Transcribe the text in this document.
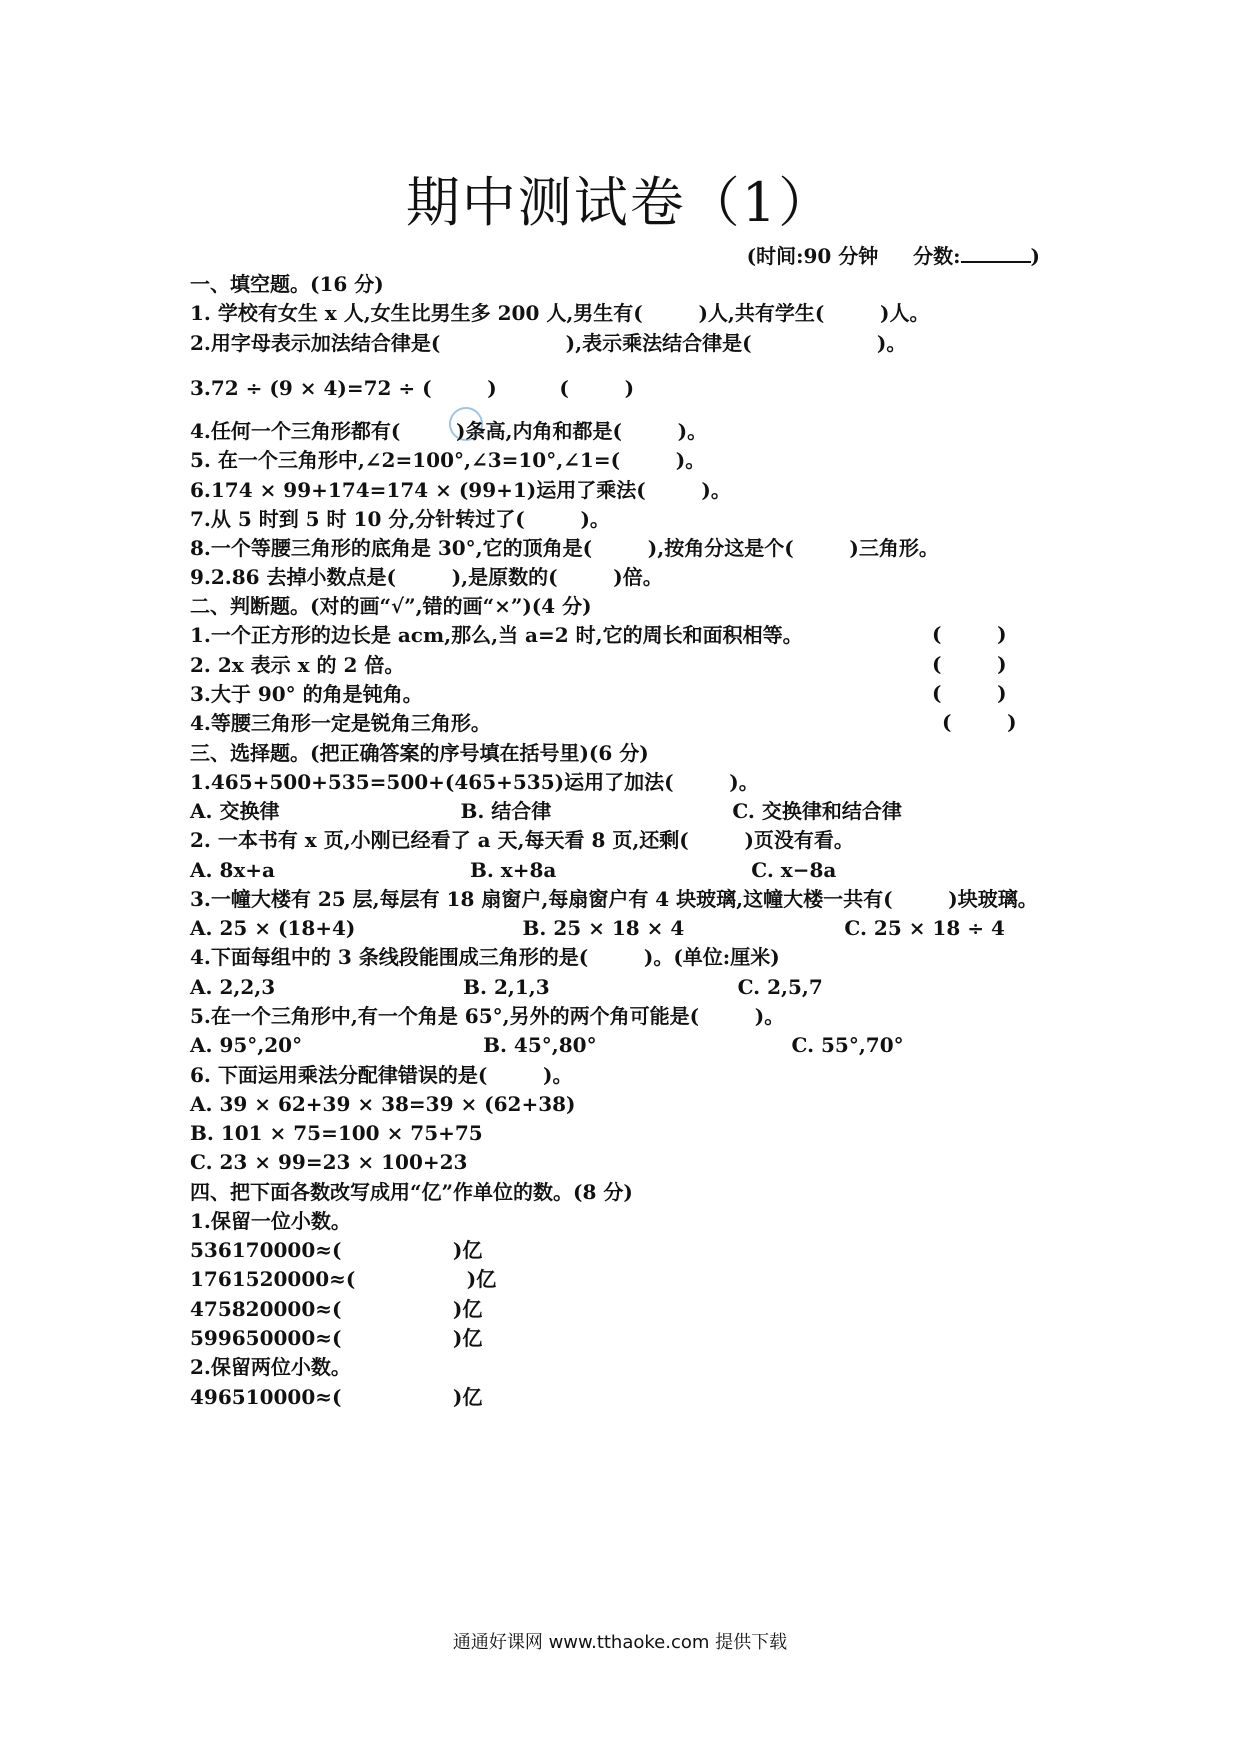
期中测试卷（1）
(时间:90 分钟 分数:	)
一、填空题。(16 分)
1. 学校有女生 x 人,女生比男生多 200 人,男生有(        )人,共有学生(        )人。
2.用字母表示加法结合律是(                  ),表示乘法结合律是(                  )。
3.72 ÷ (9 × 4)=72 ÷ (        )         (        )
4.任何一个三角形都有(        )条高,内角和都是(        )。
5. 在一个三角形中,∠2=100°,∠3=10°,∠1=(        )。
6.174 × 99+174=174 × (99+1)运用了乘法(        )。
7.从 5 时到 5 时 10 分,分针转过了(        )。
8.一个等腰三角形的底角是 30°,它的顶角是(        ),按角分这是个(        )三角形。
9.2.86 去掉小数点是(        ),是原数的(        )倍。
二、判断题。(对的画“√”,错的画“×”)(4 分)
1.一个正方形的边长是 acm,那么,当 a=2 时,它的周长和面积相等。
2. 2x 表示 x 的 2 倍。
3.大于 90° 的角是钝角。
4.等腰三角形一定是锐角三角形。
(        )
(        )
(        )
(        )
三、选择题。(把正确答案的序号填在括号里)(6 分)
1.465+500+535=500+(465+535)运用了加法(        )。
A. 交换律                          B. 结合律                          C. 交换律和结合律
2. 一本书有 x 页,小刚已经看了 a 天,每天看 8 页,还剩(        )页没有看。
A. 8x+a                            B. x+8a                            C. x−8a
3.一幢大楼有 25 层,每层有 18 扇窗户,每扇窗户有 4 块玻璃,这幢大楼一共有(        )块玻璃。
A. 25 × (18+4)                        B. 25 × 18 × 4                       C. 25 × 18 ÷ 4
4.下面每组中的 3 条线段能围成三角形的是(        )。(单位:厘米)
A. 2,2,3                           B. 2,1,3                           C. 2,5,7
5.在一个三角形中,有一个角是 65°,另外的两个角可能是(        )。
A. 95°,20°                          B. 45°,80°                            C. 55°,70°
6. 下面运用乘法分配律错误的是(        )。
A. 39 × 62+39 × 38=39 × (62+38)
B. 101 × 75=100 × 75+75
C. 23 × 99=23 × 100+23
四、把下面各数改写成用“亿”作单位的数。(8 分)
1.保留一位小数。
536170000≈(                )亿
1761520000≈(                )亿
475820000≈(                )亿
599650000≈(                )亿
2.保留两位小数。
496510000≈(                )亿
通通好课网 www.tthaoke.com 提供下载
